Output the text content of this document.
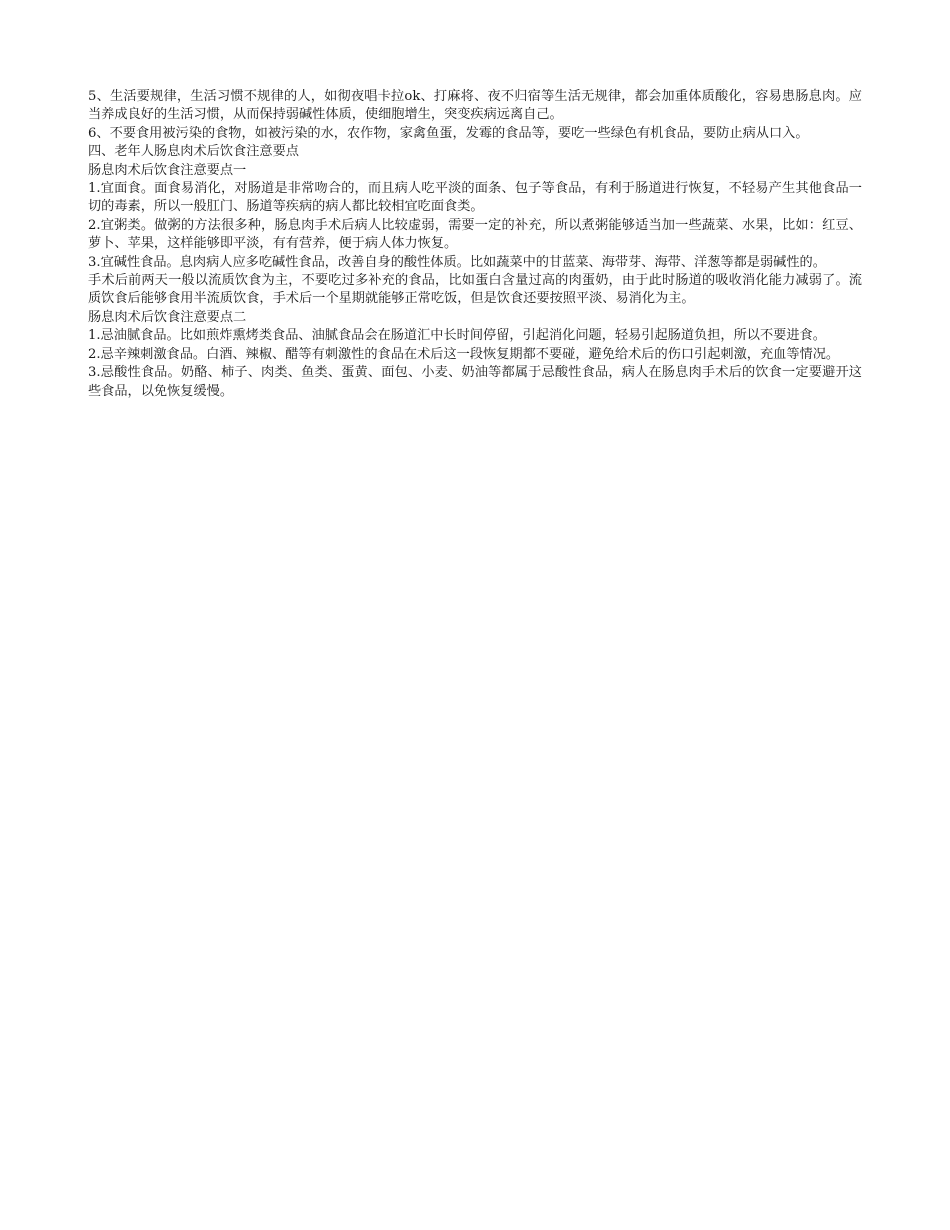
5、生活要规律，生活习惯不规律的人，如彻夜唱卡拉ok、打麻将、夜不归宿等生活无规律，都会加重体质酸化，容易患肠息肉。应当养成良好的生活习惯，从而保持弱碱性体质，使细胞增生，突变疾病远离自己。

6、不要食用被污染的食物，如被污染的水，农作物，家禽鱼蛋，发霉的食品等，要吃一些绿色有机食品，要防止病从口入。

四、老年人肠息肉术后饮食注意要点

肠息肉术后饮食注意要点一

1.宜面食。面食易消化，对肠道是非常吻合的，而且病人吃平淡的面条、包子等食品，有利于肠道进行恢复，不轻易产生其他食品一切的毒素，所以一般肛门、肠道等疾病的病人都比较相宜吃面食类。

2.宜粥类。做粥的方法很多种，肠息肉手术后病人比较虚弱，需要一定的补充，所以煮粥能够适当加一些蔬菜、水果，比如：红豆、萝卜、苹果，这样能够即平淡，有有营养，便于病人体力恢复。

3.宜碱性食品。息肉病人应多吃碱性食品，改善自身的酸性体质。比如蔬菜中的甘蓝菜、海带芽、海带、洋葱等都是弱碱性的。

手术后前两天一般以流质饮食为主，不要吃过多补充的食品，比如蛋白含量过高的肉蛋奶，由于此时肠道的吸收消化能力减弱了。流质饮食后能够食用半流质饮食，手术后一个星期就能够正常吃饭，但是饮食还要按照平淡、易消化为主。

肠息肉术后饮食注意要点二

1.忌油腻食品。比如煎炸熏烤类食品、油腻食品会在肠道汇中长时间停留，引起消化问题，轻易引起肠道负担，所以不要进食。

2.忌辛辣刺激食品。白酒、辣椒、醋等有刺激性的食品在术后这一段恢复期都不要碰，避免给术后的伤口引起刺激，充血等情况。

3.忌酸性食品。奶酪、柿子、肉类、鱼类、蛋黄、面包、小麦、奶油等都属于忌酸性食品，病人在肠息肉手术后的饮食一定要避开这些食品，以免恢复缓慢。
